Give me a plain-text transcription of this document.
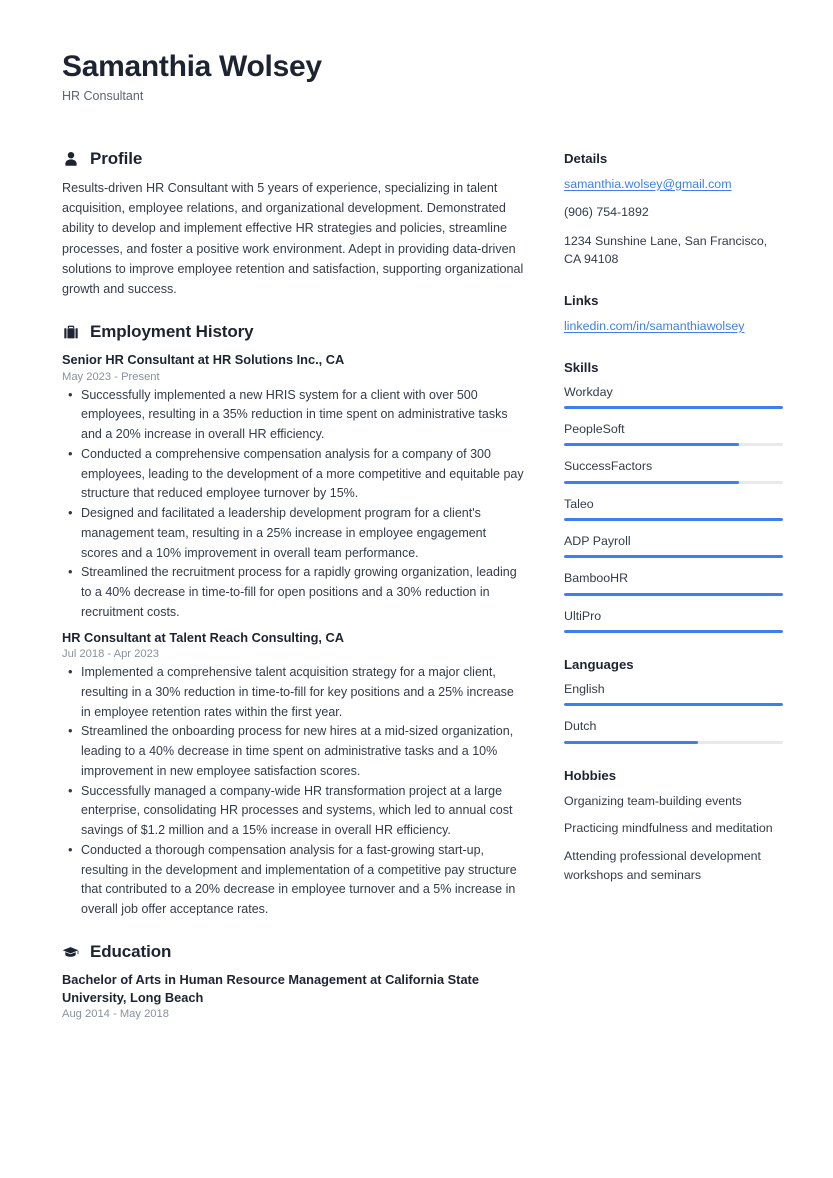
Samanthia Wolsey
HR Consultant
Profile

Results-driven HR Consultant with 5 years of experience, specializing in talent acquisition, employee relations, and organizational development. Demonstrated ability to develop and implement effective HR strategies and policies, streamline processes, and foster a positive work environment. Adept in providing data-driven solutions to improve employee retention and satisfaction, supporting organizational growth and success.

Employment History
Senior HR Consultant at HR Solutions Inc., CA
May 2023 - Present
• Successfully implemented a new HRIS system for a client with over 500 employees, resulting in a 35% reduction in time spent on administrative tasks and a 20% increase in overall HR efficiency.
• Conducted a comprehensive compensation analysis for a company of 300 employees, leading to the development of a more competitive and equitable pay structure that reduced employee turnover by 15%.
• Designed and facilitated a leadership development program for a client's management team, resulting in a 25% increase in employee engagement scores and a 10% improvement in overall team performance.
• Streamlined the recruitment process for a rapidly growing organization, leading to a 40% decrease in time-to-fill for open positions and a 30% reduction in recruitment costs.
HR Consultant at Talent Reach Consulting, CA
Jul 2018 - Apr 2023
• Implemented a comprehensive talent acquisition strategy for a major client, resulting in a 30% reduction in time-to-fill for key positions and a 25% increase in employee retention rates within the first year.
• Streamlined the onboarding process for new hires at a mid-sized organization, leading to a 40% decrease in time spent on administrative tasks and a 10% improvement in new employee satisfaction scores.
• Successfully managed a company-wide HR transformation project at a large enterprise, consolidating HR processes and systems, which led to annual cost savings of $1.2 million and a 15% increase in overall HR efficiency.
• Conducted a thorough compensation analysis for a fast-growing start-up, resulting in the development and implementation of a competitive pay structure that contributed to a 20% decrease in employee turnover and a 5% increase in overall job offer acceptance rates.
Education
Bachelor of Arts in Human Resource Management at California State University, Long Beach
Aug 2014 - May 2018
Details
samanthia.wolsey@gmail.com
(906) 754-1892
1234 Sunshine Lane, San Francisco, CA 94108
Links
linkedin.com/in/samanthiawolsey
Skills
Workday
PeopleSoft
SuccessFactors
Taleo
ADP Payroll
BambooHR
UltiPro
Languages
English
Dutch
Hobbies
Organizing team-building events
Practicing mindfulness and meditation
Attending professional development workshops and seminars
